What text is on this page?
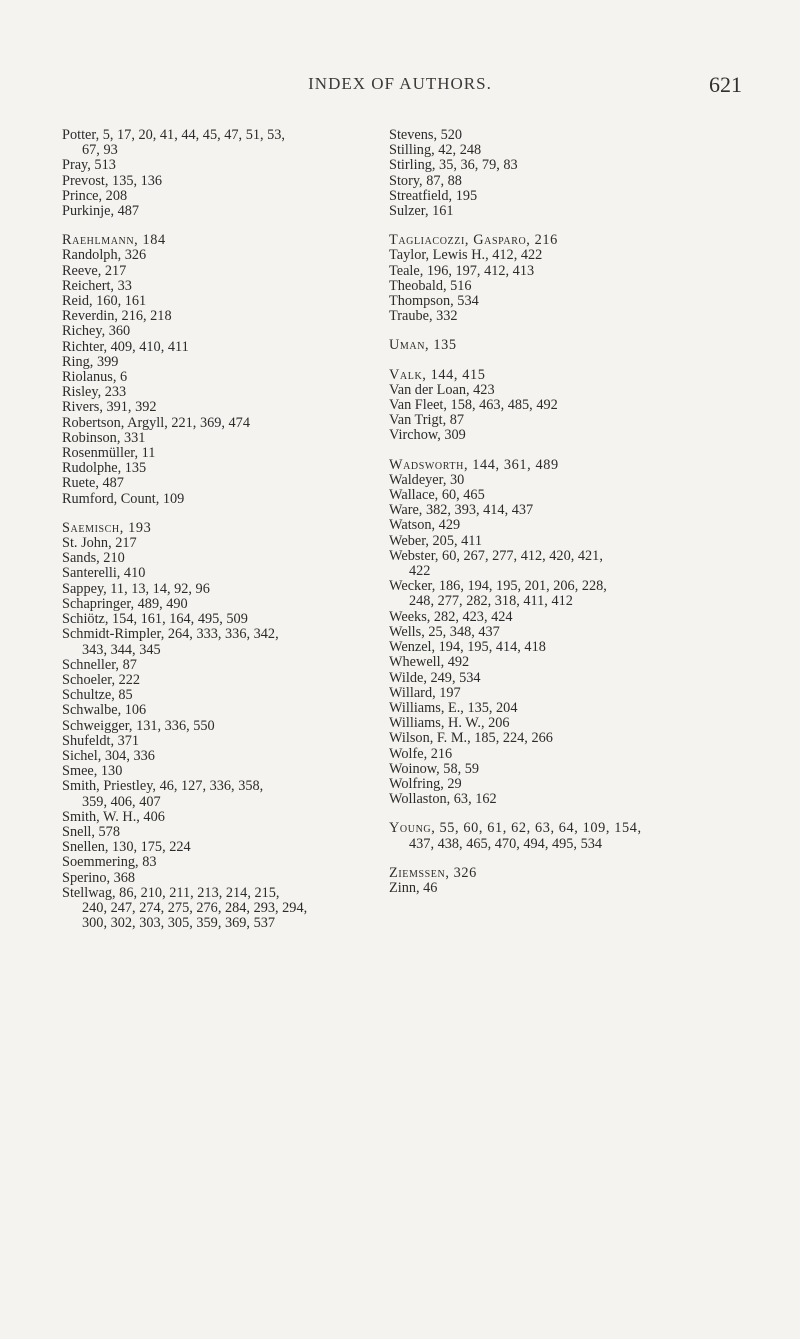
INDEX OF AUTHORS.	621
Potter, 5, 17, 20, 41, 44, 45, 47, 51, 53,
67, 93
Pray, 513
Prevost, 135, 136
Prince, 208
Purkinje, 487
Raehlmann, 184
Randolph, 326
Reeve, 217
Reichert, 33
Reid, 160, 161
Reverdin, 216, 218
Richey, 360
Richter, 409, 410, 411
Ring, 399
Riolanus, 6
Risley, 233
Rivers, 391, 392
Robertson, Argyll, 221, 369, 474
Robinson, 331
Rosenmüller, 11
Rudolphe, 135
Ruete, 487
Rumford, Count, 109
Saemisch, 193
St. John, 217
Sands, 210
Santerelli, 410
Sappey, 11, 13, 14, 92, 96
Schapringer, 489, 490
Schiötz, 154, 161, 164, 495, 509
Schmidt-Rimpler, 264, 333, 336, 342,
343, 344, 345
Schneller, 87
Schoeler, 222
Schultze, 85
Schwalbe, 106
Schweigger, 131, 336, 550
Shufeldt, 371
Sichel, 304, 336
Smee, 130
Smith, Priestley, 46, 127, 336, 358,
359, 406, 407
Smith, W. H., 406
Snell, 578
Snellen, 130, 175, 224
Soemmering, 83
Sperino, 368
Stellwag, 86, 210, 211, 213, 214, 215,
240, 247, 274, 275, 276, 284, 293, 294,
300, 302, 303, 305, 359, 369, 537
Stevens, 520
Stilling, 42, 248
Stirling, 35, 36, 79, 83
Story, 87, 88
Streatfield, 195
Sulzer, 161
Tagliacozzi, Gasparo, 216
Taylor, Lewis H., 412, 422
Teale, 196, 197, 412, 413
Theobald, 516
Thompson, 534
Traube, 332
Uman, 135
Valk, 144, 415
Van der Loan, 423
Van Fleet, 158, 463, 485, 492
Van Trigt, 87
Virchow, 309
Wadsworth, 144, 361, 489
Waldeyer, 30
Wallace, 60, 465
Ware, 382, 393, 414, 437
Watson, 429
Weber, 205, 411
Webster, 60, 267, 277, 412, 420, 421,
422
Wecker, 186, 194, 195, 201, 206, 228,
248, 277, 282, 318, 411, 412
Weeks, 282, 423, 424
Wells, 25, 348, 437
Wenzel, 194, 195, 414, 418
Whewell, 492
Wilde, 249, 534
Willard, 197
Williams, E., 135, 204
Williams, H. W., 206
Wilson, F. M., 185, 224, 266
Wolfe, 216
Woinow, 58, 59
Wolfring, 29
Wollaston, 63, 162
Young, 55, 60, 61, 62, 63, 64, 109, 154,
437, 438, 465, 470, 494, 495, 534
Ziemssen, 326
Zinn, 46
